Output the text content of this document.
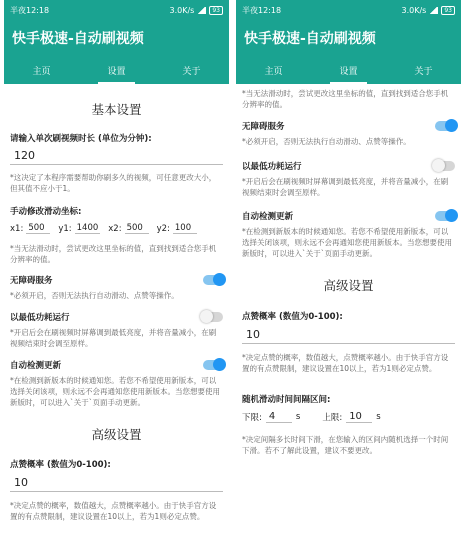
半夜12:18	3.0K/s	93
快手极速-自动刷视频
主页	设置	关于
基本设置
请输入单次刷视频时长 (单位为分钟):
120
*这决定了本程序需要帮助你刷多久的视频，可任意更改大小，但其值不应小于1。
手动修改滑动坐标:
x1: 500	y1: 1400 x2: 500	y2: 100
*当无法滑动时，尝试更改这里坐标的值，直到找到适合您手机分辨率的值。
无障碍服务
*必须开启，否则无法执行自动滑动、点赞等操作。
以最低功耗运行
*开启后会在刷视频时屏幕调到最低亮度，并将音量减小，在刷视频结束时会调至原样。
自动检测更新
*在检测到新版本的时候通知您。若您不希望使用新版本，可以选择关闭该项，则永远不会再通知您使用新版本。当您想要使用新版时，可以进入`关于`页面手动更新。
高级设置
点赞概率 (数值为0-100):
10
*决定点赞的概率，数值越大，点赞概率越小。由于快手官方设置的有点赞限制，建议设置在10以上，若为1则必定点赞。
半夜12:18	3.0K/s	93
快手极速-自动刷视频
主页	设置	关于
*当无法滑动时，尝试更改这里坐标的值，直到找到适合您手机分辨率的值。
无障碍服务
*必须开启，否则无法执行自动滑动、点赞等操作。
以最低功耗运行
*开启后会在刷视频时屏幕调到最低亮度，并将音量减小，在刷视频结束时会调至原样。
自动检测更新
*在检测到新版本的时候通知您。若您不希望使用新版本，可以选择关闭该项，则永远不会再通知您使用新版本。当您想要使用新版时，可以进入`关于`页面手动更新。
高级设置
点赞概率 (数值为0-100):
10
*决定点赞的概率，数值越大，点赞概率越小。由于快手官方设置的有点赞限制，建议设置在10以上，若为1则必定点赞。
随机滑动时间间隔区间:
下限: 4	s	上限: 10	s
*决定间隔多长时间下滑，在您输入的区间内随机选择一个时间下滑。若不了解此设置，建议不要更改。
